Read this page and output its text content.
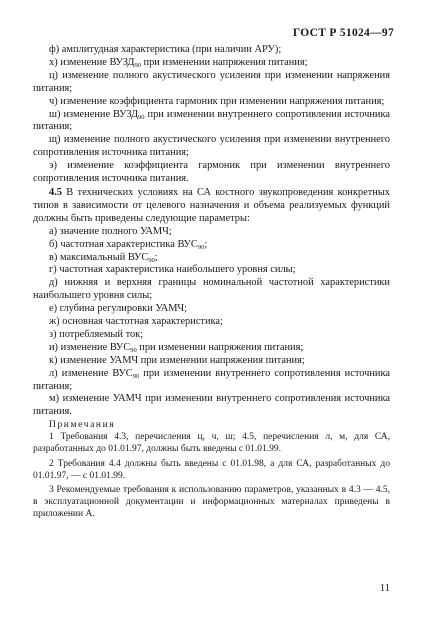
ГОСТ Р 51024—97

ф) амплитудная характеристика (при наличии АРУ);

х) изменение $ВУЗД_{90}$ при изменении напряжения питания;

ц) изменение полного акустического усиления при изменении напряжения питания;

ч) изменение коэффициента гармоник при изменении напряжения питания;

ш) изменение $ВУЗД_{90}$ при изменении внутреннего сопротивления источника питания;

щ) изменение полного акустического усиления при изменении внутреннего сопротивления источника питания;

э) изменение коэффициента гармоник при изменении внутреннего сопротивления источника питания.

4.5 В технических условиях на СА костного звукопроведения конкретных типов в зависимости от целевого назначения и объема реализуемых функций должны быть приведены следующие параметры:

а) значение полного УАМЧ;

б) частотная характеристика $ВУС_{90}$;

в) максимальный $ВУС_{90}$;

г) частотная характеристика наибольшего уровня силы;

д) нижняя и верхняя границы номинальной частотной характеристики наибольшего уровня силы;

е) глубина регулировки УАМЧ;

ж) основная частотная характеристика;

з) потребляемый ток;

и) изменение $ВУС_{90}$ при изменении напряжения питания;

к) изменение УАМЧ при изменении напряжения питания;

л) изменение $ВУС_{90}$ при изменении внутреннего сопротивления источника питания;

м) изменение УАМЧ при изменении внутреннего сопротивления источника питания.

Примечания

1 Требования 4.3, перечисления ц, ч, ш; 4.5, перечисления л, м, для СА, разработанных до 01.01.97, должны быть введены с 01.01.99.

2 Требования 4.4 должны быть введены с 01.01.98, а для СА, разработанных до 01.01.97, — с 01.01.99.

3 Рекомендуемые требования к использованию параметров, указанных в 4.3 — 4.5, в эксплуатационной документации и информационных материалах приведены в приложении А.

11
